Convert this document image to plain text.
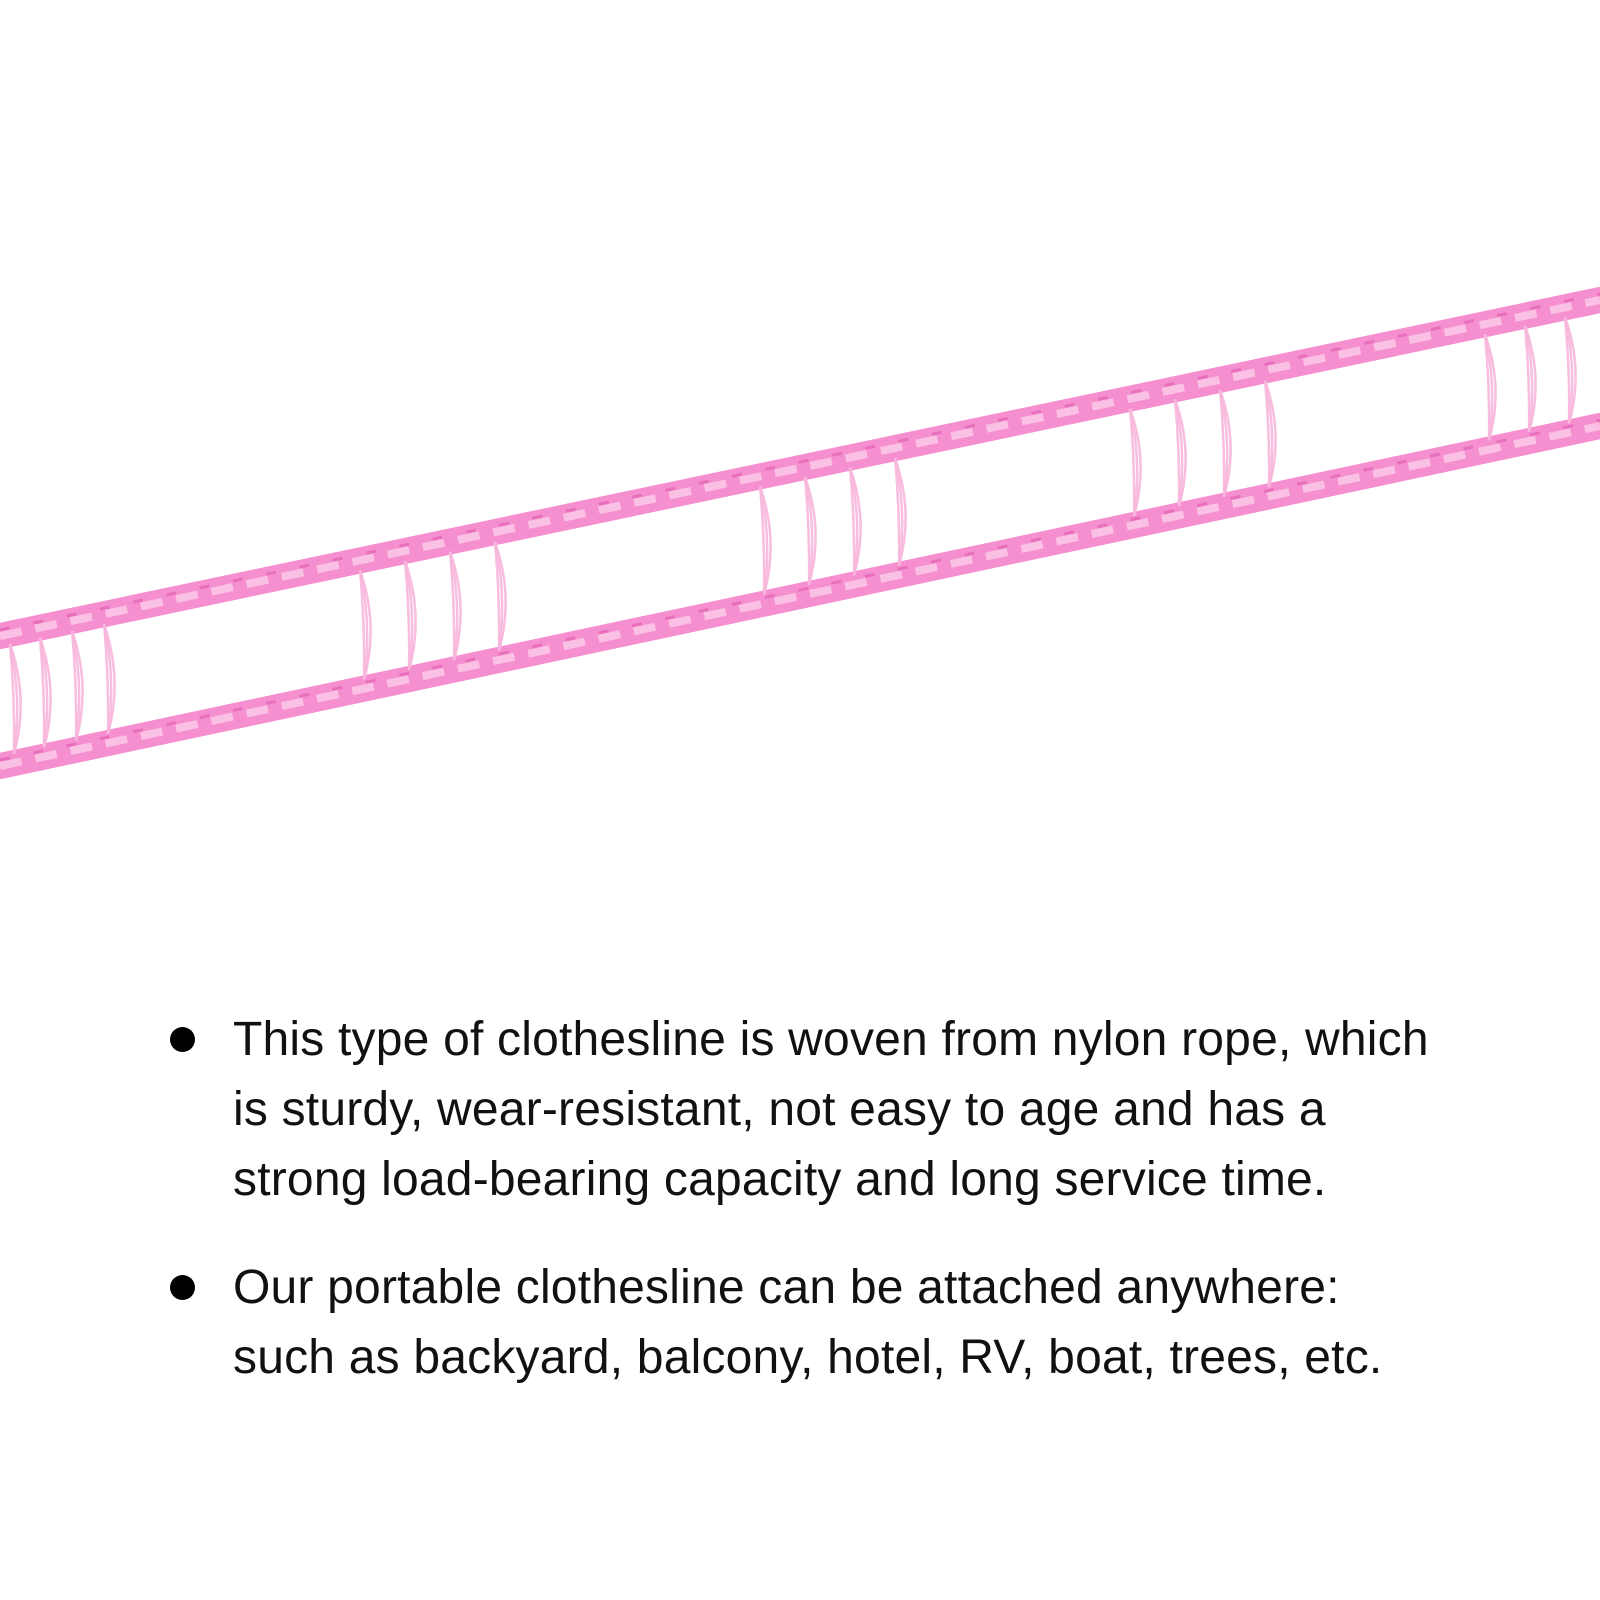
This type of clothesline is woven from nylon rope, which is sturdy, wear-resistant, not easy to age and has a strong load-bearing capacity and long service time.
Our portable clothesline can be attached anywhere: such as backyard, balcony, hotel, RV, boat, trees, etc.
